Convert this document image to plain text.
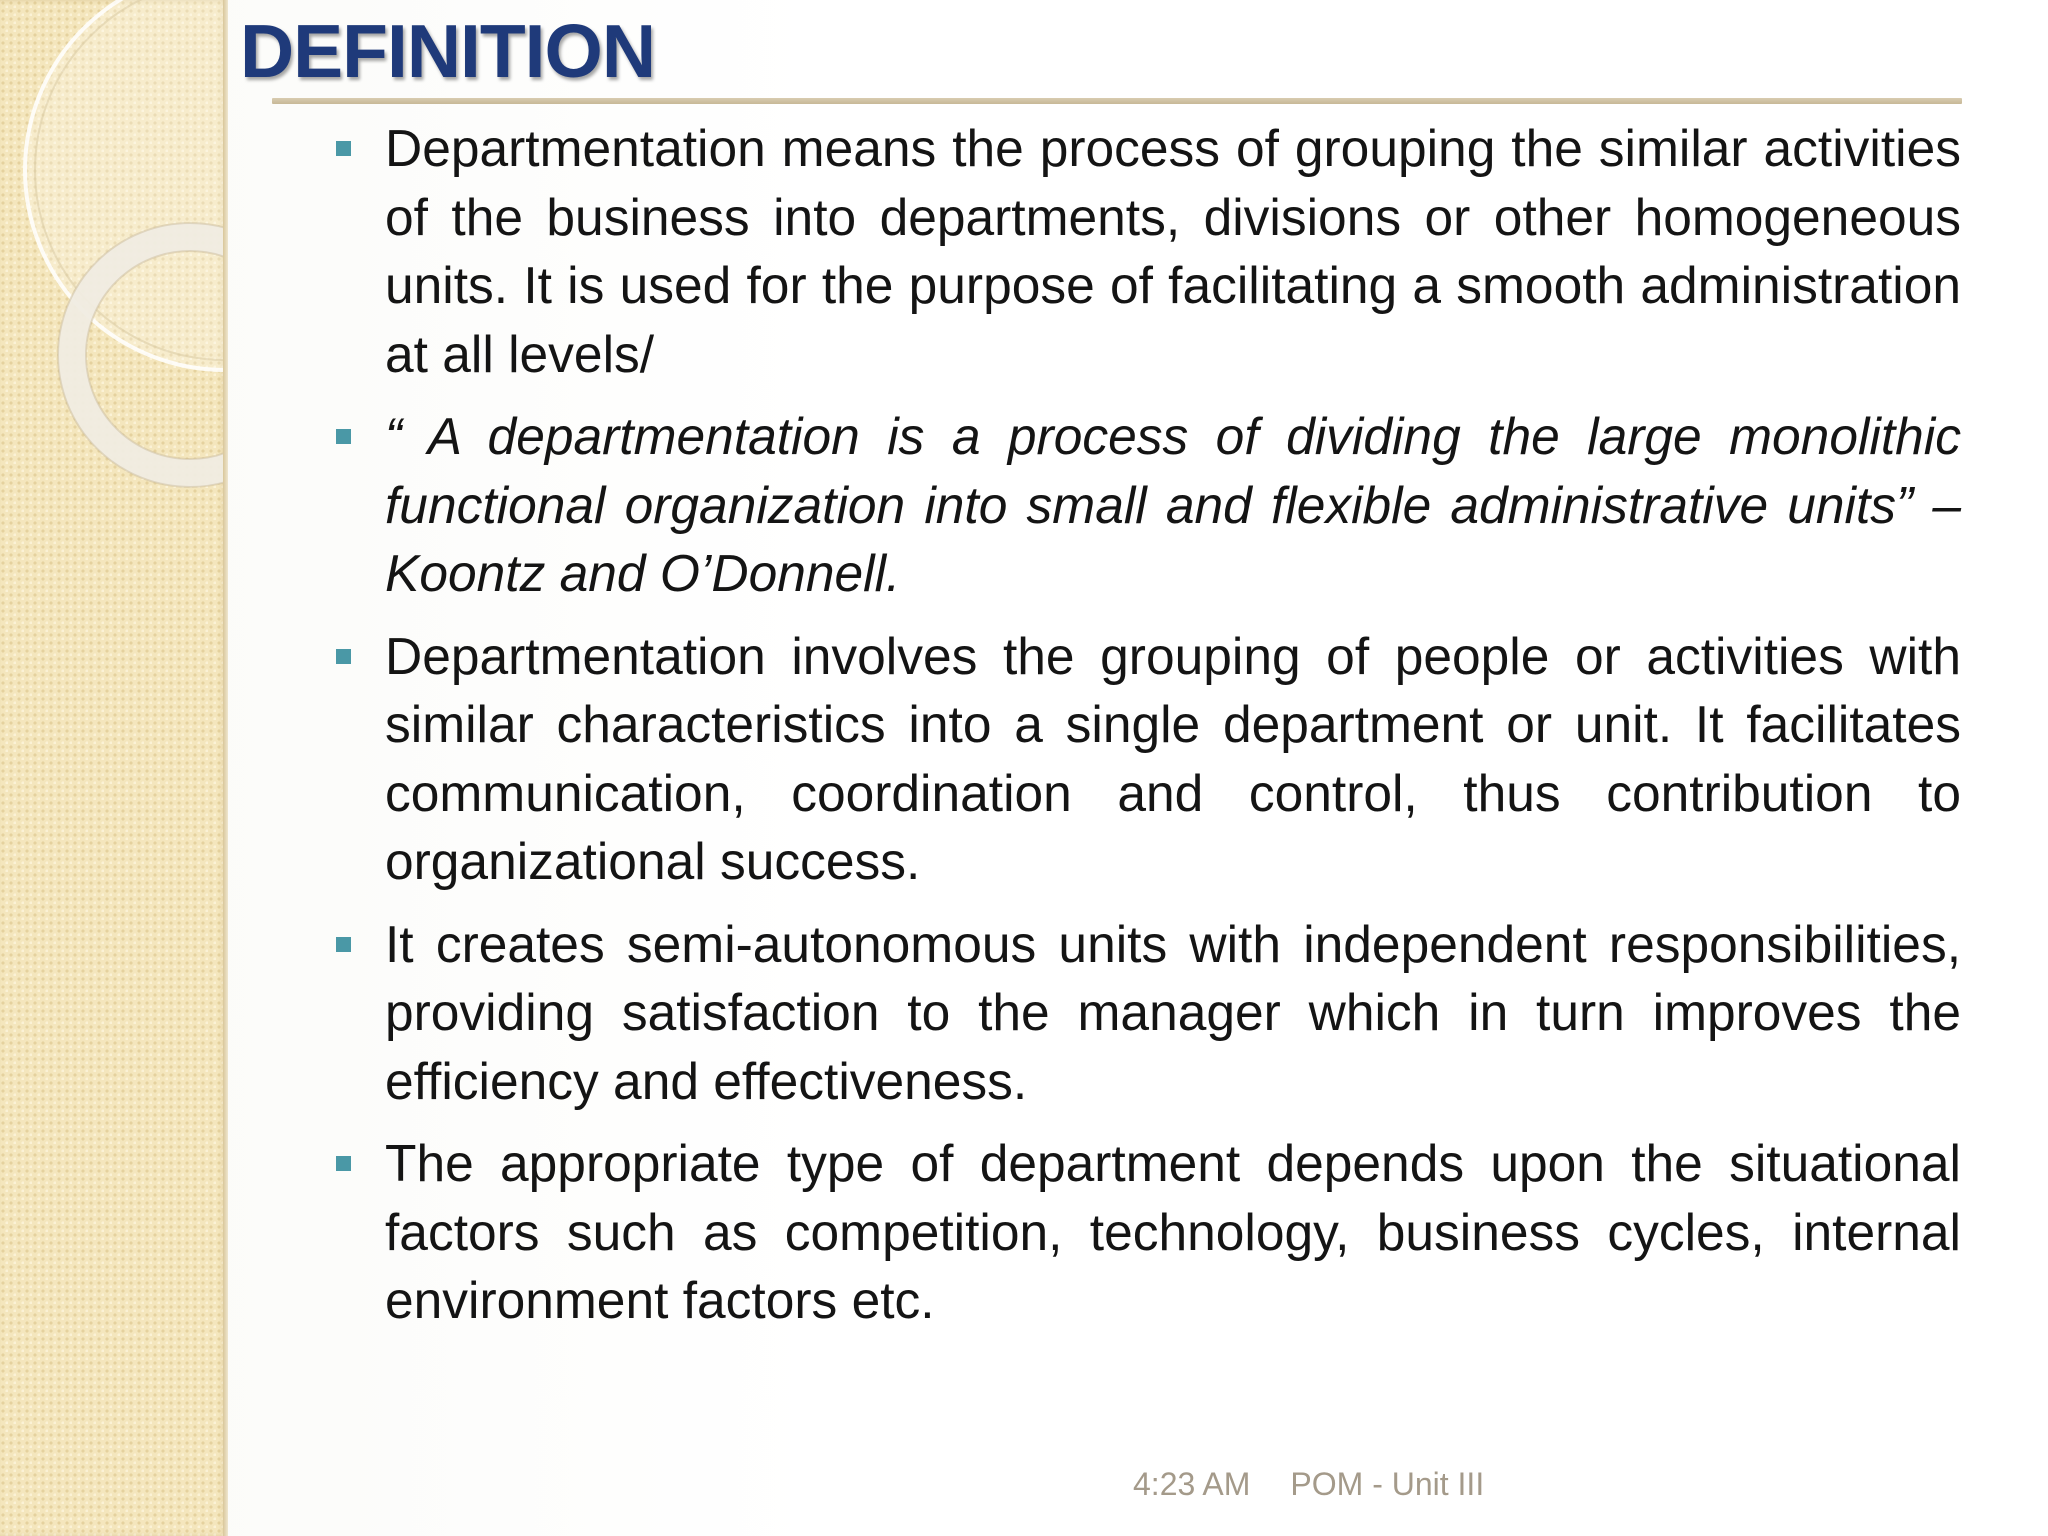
DEFINITION
Departmentation means the process of grouping the similar activities of the business into departments, divisions or other homogeneous units. It is used for the purpose of facilitating a smooth administration at all levels/
“ A departmentation is a process of dividing the large monolithic functional organization into small and flexible administrative units” – Koontz and O’Donnell.
Departmentation involves the grouping of people or activities with similar characteristics into a single department or unit. It facilitates communication, coordination and control, thus contribution to organizational success.
It creates semi-autonomous units with independent responsibilities, providing satisfaction to the manager which in turn improves the efficiency and effectiveness.
The appropriate type of department depends upon the situational factors such as competition, technology, business cycles, internal environment factors etc.
4:23 AM POM - Unit III
